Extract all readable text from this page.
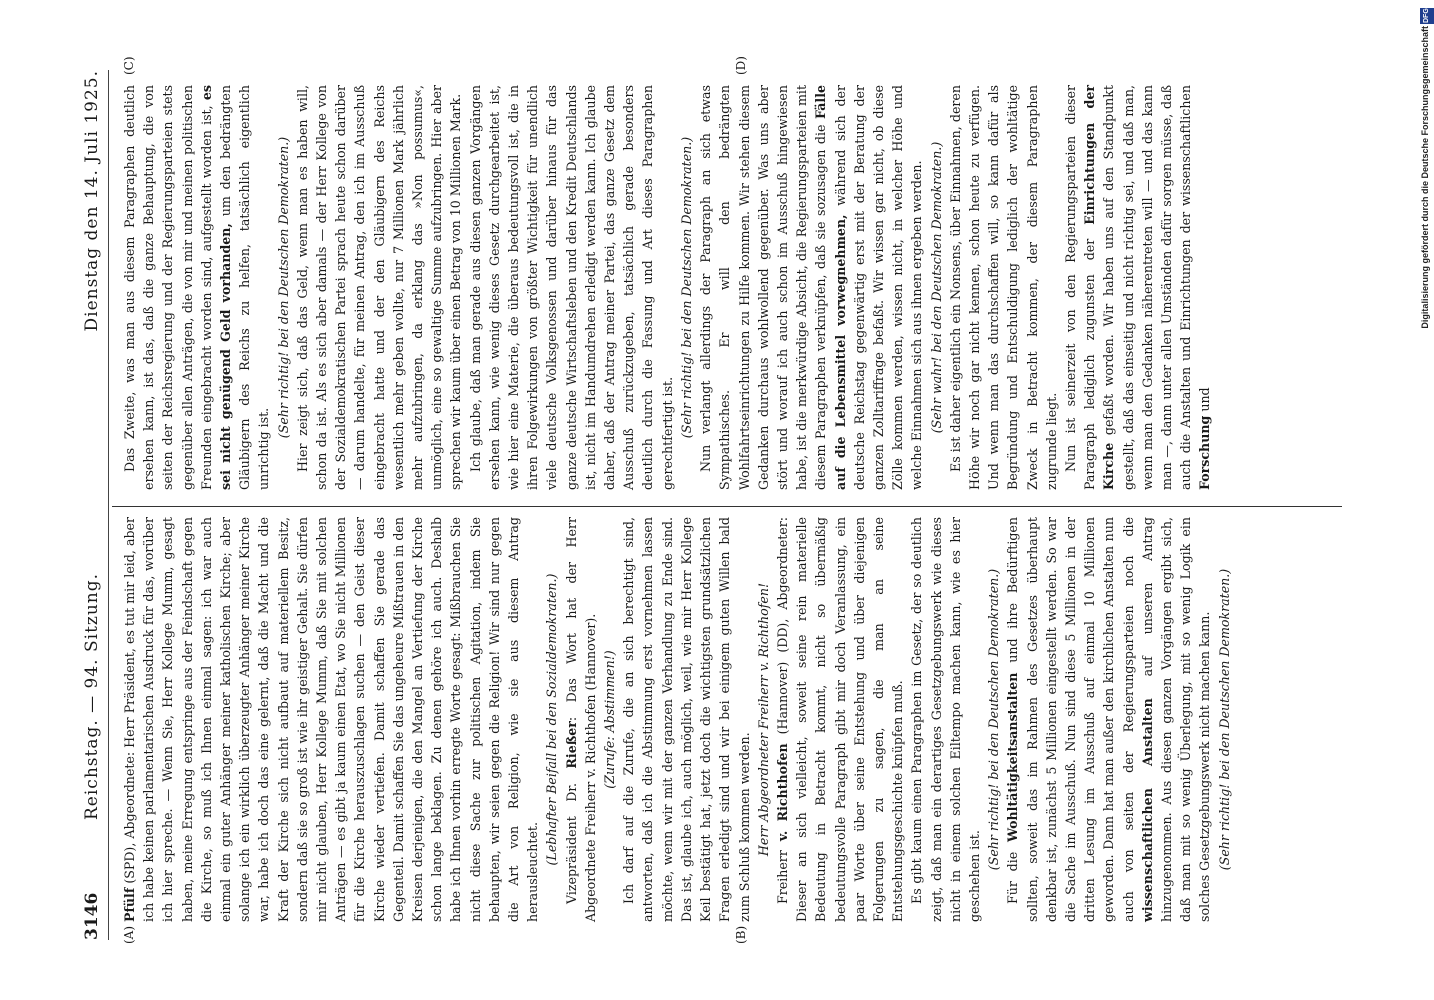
3146
Reichstag. — 94. Sitzung.
Dienstag den 14. Juli 1925.
(A)	(B)
(C)	(D)

Pfülf (SPD), Abgeordnete: Herr Präsident, es tut mir leid, aber ich habe keinen parlamentarischen Ausdruck für das, worüber ich hier spreche. — Wenn Sie, Herr Kollege Mumm, gesagt haben, meine Erregung entspringe aus der Feindschaft gegen die Kirche, so muß ich Ihnen einmal sagen: ich war auch einmal ein guter Anhänger meiner katholischen Kirche; aber solange ich ein wirklich überzeugter Anhänger meiner Kirche war, habe ich doch das eine gelernt, daß die Macht und die Kraft der Kirche sich nicht aufbaut auf materiellem Besitz, sondern daß sie so groß ist wie ihr geistiger Gehalt. Sie dürfen mir nicht glauben, Herr Kollege Mumm, daß Sie mit solchen Anträgen — es gibt ja kaum einen Etat, wo Sie nicht Millionen für die Kirche herauszuschlagen suchen — den Geist dieser Kirche wieder vertiefen. Damit schaffen Sie gerade das Gegenteil. Damit schaffen Sie das ungeheure Mißtrauen in den Kreisen derjenigen, die den Mangel an Vertiefung der Kirche schon lange beklagen. Zu denen gehöre ich auch. Deshalb habe ich Ihnen vorhin erregte Worte gesagt: Mißbrauchen Sie nicht diese Sache zur politischen Agitation, indem Sie behaupten, wir seien gegen die Religion! Wir sind nur gegen die Art von Religion, wie sie aus diesem Antrag herausleuchtet.

(Lebhafter Beifall bei den Sozialdemokraten.) Vizepräsident Dr. Rießer: Das Wort hat der Herr Abgeordnete Freiherr v. Richthofen (Hannover). (Zurufe: Abstimmen!) Ich darf auf die Zurufe, die an sich berechtigt sind, antworten, daß ich die Abstimmung erst vornehmen lassen möchte, wenn wir mit der ganzen Verhandlung zu Ende sind. Das ist, glaube ich, auch möglich, weil, wie mir Herr Kollege Keil bestätigt hat, jetzt doch die wichtigsten grundsätzlichen Fragen erledigt sind und wir bei einigem guten Willen bald zum Schluß kommen werden. Herr Abgeordneter Freiherr v. Richthofen!

Freiherr v. Richthofen (Hannover) (DD), Abgeordneter: Dieser an sich vielleicht, soweit seine rein materielle Bedeutung in Betracht kommt, nicht so übermäßig bedeutungsvolle Paragraph gibt mir doch Veranlassung, ein paar Worte über seine Entstehung und über diejenigen Folgerungen zu sagen, die man an seine Entstehungsgeschichte knüpfen muß. Es gibt kaum einen Paragraphen im Gesetz, der so deutlich zeigt, daß man ein derartiges Gesetzgebungswerk wie dieses nicht in einem solchen Eiltempo machen kann, wie es hier geschehen ist.

(Sehr richtig! bei den Deutschen Demokraten.)

Für die Wohltätigkeitsanstalten und ihre Bedürftigen sollten, soweit das im Rahmen des Gesetzes überhaupt denkbar ist, zunächst 5 Millionen eingestellt werden. So war die Sache im Ausschuß. Nun sind diese 5 Millionen in der dritten Lesung im Ausschuß auf einmal 10 Millionen geworden. Dann hat man außer den kirchlichen Anstalten nun auch von seiten der Regierungsparteien noch die wissenschaftlichen Anstalten auf unseren Antrag hinzugenommen. Aus diesen ganzen Vorgängen ergibt sich, daß man mit so wenig Überlegung, mit so wenig Logik ein solches Gesetzgebungswerk nicht machen kann. (Sehr richtig! bei den Deutschen Demokraten.)

Das Zweite, was man aus diesem Paragraphen deutlich ersehen kann, ist das, daß die ganze Behauptung, die von seiten der Reichsregierung und der Regierungsparteien stets gegenüber allen Anträgen, die von mir und meinen politischen Freunden eingebracht worden sind, aufgestellt worden ist, es sei nicht genügend Geld vorhanden, um den bedrängten Gläubigern des Reichs zu helfen, tatsächlich eigentlich unrichtig ist.

(Sehr richtig! bei den Deutschen Demokraten.) Hier zeigt sich, daß das Geld, wenn man es haben will, schon da ist. Als es sich aber damals — der Herr Kollege von der Sozialdemokratischen Partei sprach heute schon darüber — darum handelte, für meinen Antrag, den ich im Ausschuß eingebracht hatte und der den Gläubigern des Reichs wesentlich mehr geben wollte, nur 7 Millionen Mark jährlich mehr aufzubringen, da erklang das »Non possumus«, unmöglich, eine so gewaltige Summe aufzubringen. Hier aber sprechen wir kaum über einen Betrag von 10 Millionen Mark. Ich glaube, daß man gerade aus diesen ganzen Vorgängen ersehen kann, wie wenig dieses Gesetz durchgearbeitet ist, wie hier eine Materie, die überaus bedeutungsvoll ist, die in ihren Folgewirkungen von größter Wichtigkeit für unendlich viele deutsche Volksgenossen und darüber hinaus für das ganze deutsche Wirtschaftsleben und den Kredit Deutschlands ist, nicht im Handumdrehen erledigt werden kann. Ich glaube daher, daß der Antrag meiner Partei, das ganze Gesetz dem Ausschuß zurückzugeben, tatsächlich gerade besonders deutlich durch die Fassung und Art dieses Paragraphen gerechtfertigt ist. (Sehr richtig! bei den Deutschen Demokraten.) Nun verlangt allerdings der Paragraph an sich etwas Sympathisches. Er will den bedrängten Wohlfahrtseinrichtungen zu Hilfe kommen. Wir stehen diesem Gedanken durchaus wohlwollend gegenüber. Was uns aber stört und worauf ich auch schon im Ausschuß hingewiesen habe, ist die merkwürdige Absicht, die Regierungsparteien mit diesem Paragraphen verknüpfen, daß sie sozusagen die Fälle auf die Lebensmittel vorwegnehmen, während sich der deutsche Reichstag gegenwärtig erst mit der Beratung der ganzen Zolltariffrage befaßt. Wir wissen gar nicht, ob diese Zölle kommen werden, wissen nicht, in welcher Höhe und welche Einnahmen sich aus ihnen ergeben werden. (Sehr wahr! bei den Deutschen Demokraten.) Es ist daher eigentlich ein Nonsens, über Einnahmen, deren Höhe wir noch gar nicht kennen, schon heute zu verfügen. Und wenn man das durchschaffen will, so kann dafür als Begründung und Entschuldigung lediglich der wohltätige Zweck in Betracht kommen, der diesem Paragraphen zugrunde liegt. Nun ist seinerzeit von den Regierungsparteien dieser Paragraph lediglich zugunsten der Einrichtungen der Kirche gefaßt worden. Wir haben uns auf den Standpunkt gestellt, daß das einseitig und nicht richtig sei, und daß man, wenn man den Gedanken näherentreten will — und das kann man —, dann unter allen Umständen dafür sorgen müsse, daß auch die Anstalten und Einrichtungen der wissenschaftlichen Forschung und

DFG
Digitalisierung gefördert durch die Deutsche Forschungsgemeinschaft
